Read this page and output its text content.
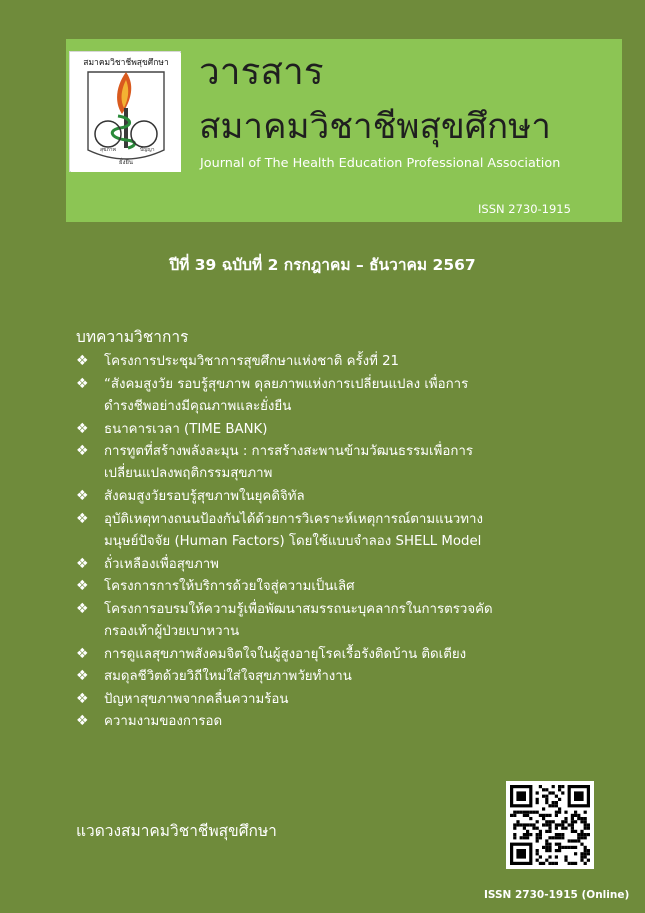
สมาคมวิชาชีพสุขศึกษา
สุขภาพ	ปัญญา
ยั่งยืน
วารสาร
สมาคมวิชาชีพสุขศึกษา
Journal of The Health Education Professional Association
ISSN 2730-1915
ปีที่ 39 ฉบับที่ 2 กรกฎาคม – ธันวาคม 2567
บทความวิชาการ
❖ โครงการประชุมวิชาการสุขศึกษาแห่งชาติ ครั้งที่ 21
❖ “สังคมสูงวัย รอบรู้สุขภาพ ดุลยภาพแห่งการเปลี่ยนแปลง เพื่อการ
ดำรงชีพอย่างมีคุณภาพและยั่งยืน
❖ ธนาคารเวลา (TIME BANK)
❖ การทูตที่สร้างพลังละมุน : การสร้างสะพานข้ามวัฒนธรรมเพื่อการ
เปลี่ยนแปลงพฤติกรรมสุขภาพ
❖ สังคมสูงวัยรอบรู้สุขภาพในยุคดิจิทัล
❖ อุบัติเหตุทางถนนป้องกันได้ด้วยการวิเคราะห์เหตุการณ์ตามแนวทาง
มนุษย์ปัจจัย (Human Factors) โดยใช้แบบจำลอง SHELL Model
❖ ถั่วเหลืองเพื่อสุขภาพ
❖ โครงการการให้บริการด้วยใจสู่ความเป็นเลิศ
❖ โครงการอบรมให้ความรู้เพื่อพัฒนาสมรรถนะบุคลากรในการตรวจคัด
กรองเท้าผู้ป่วยเบาหวาน
❖ การดูแลสุขภาพสังคมจิตใจในผู้สูงอายุโรคเรื้อรังติดบ้าน ติดเตียง
❖ สมดุลชีวิตด้วยวิถีใหม่ใส่ใจสุขภาพวัยทำงาน
❖ ปัญหาสุขภาพจากคลื่นความร้อน
❖ ความงามของการอด
แวดวงสมาคมวิชาชีพสุขศึกษา
ISSN 2730-1915 (Online)
